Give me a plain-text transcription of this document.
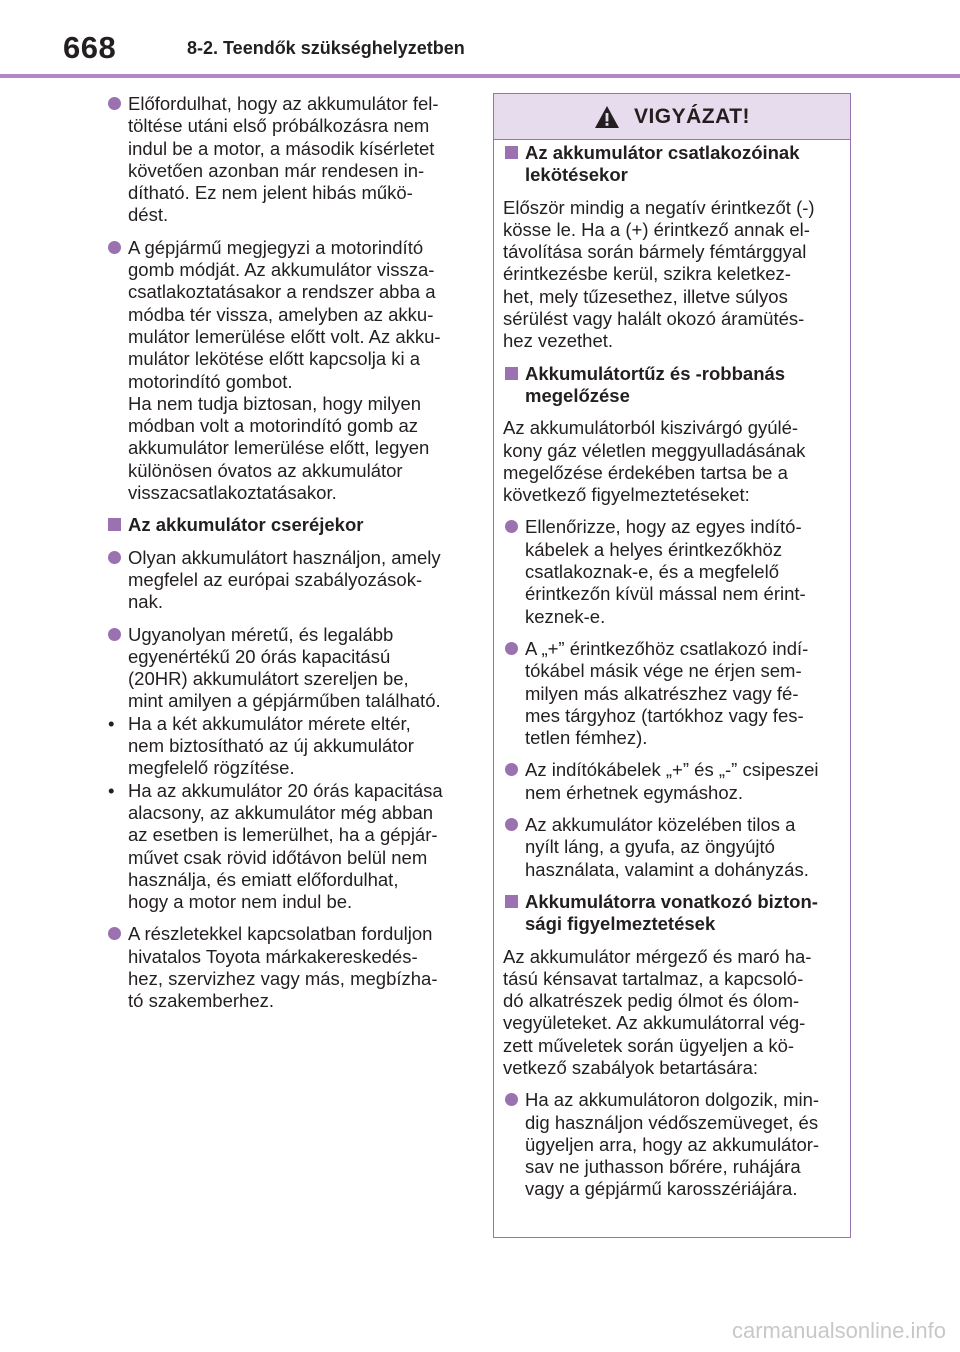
668	8-2. Teendők szükséghelyzetben
Előfordulhat, hogy az akkumulátor fel-
töltése utáni első próbálkozásra nem
indul be a motor, a második kísérletet
követően azonban már rendesen in-
dítható. Ez nem jelent hibás műkö-
dést.
A gépjármű megjegyzi a motorindító
gomb módját. Az akkumulátor vissza-
csatlakoztatásakor a rendszer abba a
módba tér vissza, amelyben az akku-
mulátor lemerülése előtt volt. Az akku-
mulátor lekötése előtt kapcsolja ki a
motorindító gombot.
Ha nem tudja biztosan, hogy milyen
módban volt a motorindító gomb az
akkumulátor lemerülése előtt, legyen
különösen óvatos az akkumulátor
visszacsatlakoztatásakor.
Az akkumulátor cseréjekor
Olyan akkumulátort használjon, amely
megfelel az európai szabályozások-
nak.
Ugyanolyan méretű, és legalább
egyenértékű 20 órás kapacitású
(20HR) akkumulátort szereljen be,
mint amilyen a gépjárműben található.
• Ha a két akkumulátor mérete eltér,
nem biztosítható az új akkumulátor
megfelelő rögzítése.
• Ha az akkumulátor 20 órás kapacitása
alacsony, az akkumulátor még abban
az esetben is lemerülhet, ha a gépjár-
művet csak rövid időtávon belül nem
használja, és emiatt előfordulhat,
hogy a motor nem indul be.
A részletekkel kapcsolatban forduljon
hivatalos Toyota márkakereskedés-
hez, szervizhez vagy más, megbízha-
tó szakemberhez.
VIGYÁZAT!
Az akkumulátor csatlakozóinak
lekötésekor
Először mindig a negatív érintkezőt (-)
kösse le. Ha a (+) érintkező annak el-
távolítása során bármely fémtárggyal
érintkezésbe kerül, szikra keletkez-
het, mely tűzesethez, illetve súlyos
sérülést vagy halált okozó áramütés-
hez vezethet.
Akkumulátortűz és -robbanás
megelőzése
Az akkumulátorból kiszivárgó gyúlé-
kony gáz véletlen meggyulladásának
megelőzése érdekében tartsa be a
következő figyelmeztetéseket:
Ellenőrizze, hogy az egyes indító-
kábelek a helyes érintkezőkhöz
csatlakoznak-e, és a megfelelő
érintkezőn kívül mással nem érint-
keznek-e.
A „+” érintkezőhöz csatlakozó indí-
tókábel másik vége ne érjen sem-
milyen más alkatrészhez vagy fé-
mes tárgyhoz (tartókhoz vagy fes-
tetlen fémhez).
Az indítókábelek „+” és „-” csipeszei
nem érhetnek egymáshoz.
Az akkumulátor közelében tilos a
nyílt láng, a gyufa, az öngyújtó
használata, valamint a dohányzás.
Akkumulátorra vonatkozó bizton-
sági figyelmeztetések
Az akkumulátor mérgező és maró ha-
tású kénsavat tartalmaz, a kapcsoló-
dó alkatrészek pedig ólmot és ólom-
vegyületeket. Az akkumulátorral vég-
zett műveletek során ügyeljen a kö-
vetkező szabályok betartására:
Ha az akkumulátoron dolgozik, min-
dig használjon védőszemüveget, és
ügyeljen arra, hogy az akkumulátor-
sav ne juthasson bőrére, ruhájára
vagy a gépjármű karosszériájára.
carmanualsonline.info
